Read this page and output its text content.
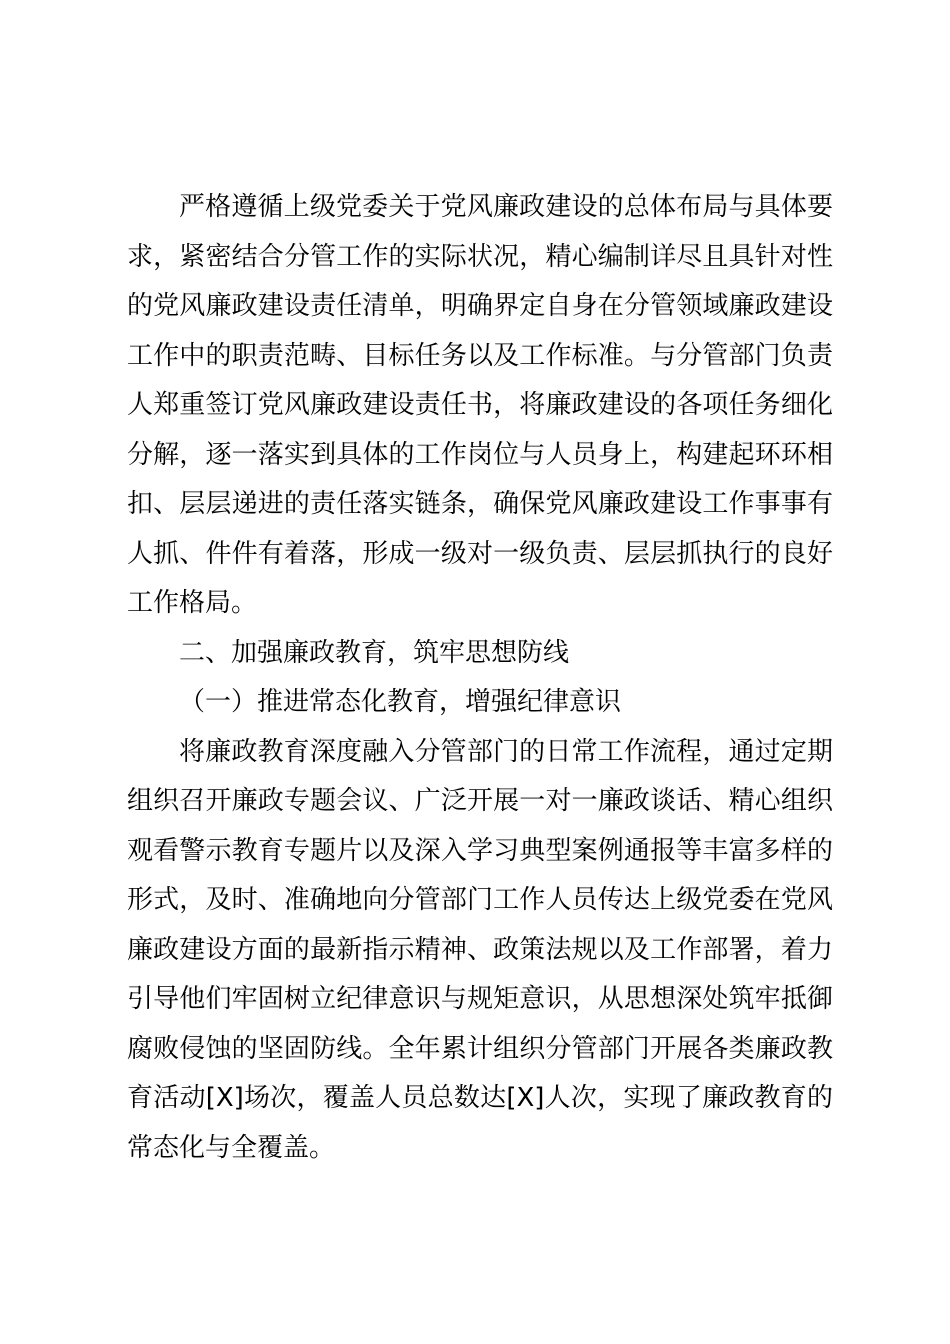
严格遵循上级党委关于党风廉政建设的总体布局与具体要
求，紧密结合分管工作的实际状况，精心编制详尽且具针对性
的党风廉政建设责任清单，明确界定自身在分管领域廉政建设
工作中的职责范畴、目标任务以及工作标准。与分管部门负责
人郑重签订党风廉政建设责任书，将廉政建设的各项任务细化
分解，逐一落实到具体的工作岗位与人员身上，构建起环环相
扣、层层递进的责任落实链条，确保党风廉政建设工作事事有
人抓、件件有着落，形成一级对一级负责、层层抓执行的良好
工作格局。
二、加强廉政教育，筑牢思想防线
（一）推进常态化教育，增强纪律意识
将廉政教育深度融入分管部门的日常工作流程，通过定期
组织召开廉政专题会议、广泛开展一对一廉政谈话、精心组织
观看警示教育专题片以及深入学习典型案例通报等丰富多样的
形式，及时、准确地向分管部门工作人员传达上级党委在党风
廉政建设方面的最新指示精神、政策法规以及工作部署，着力
引导他们牢固树立纪律意识与规矩意识，从思想深处筑牢抵御
腐败侵蚀的坚固防线。全年累计组织分管部门开展各类廉政教
育活动[X]场次，覆盖人员总数达[X]人次，实现了廉政教育的
常态化与全覆盖。
